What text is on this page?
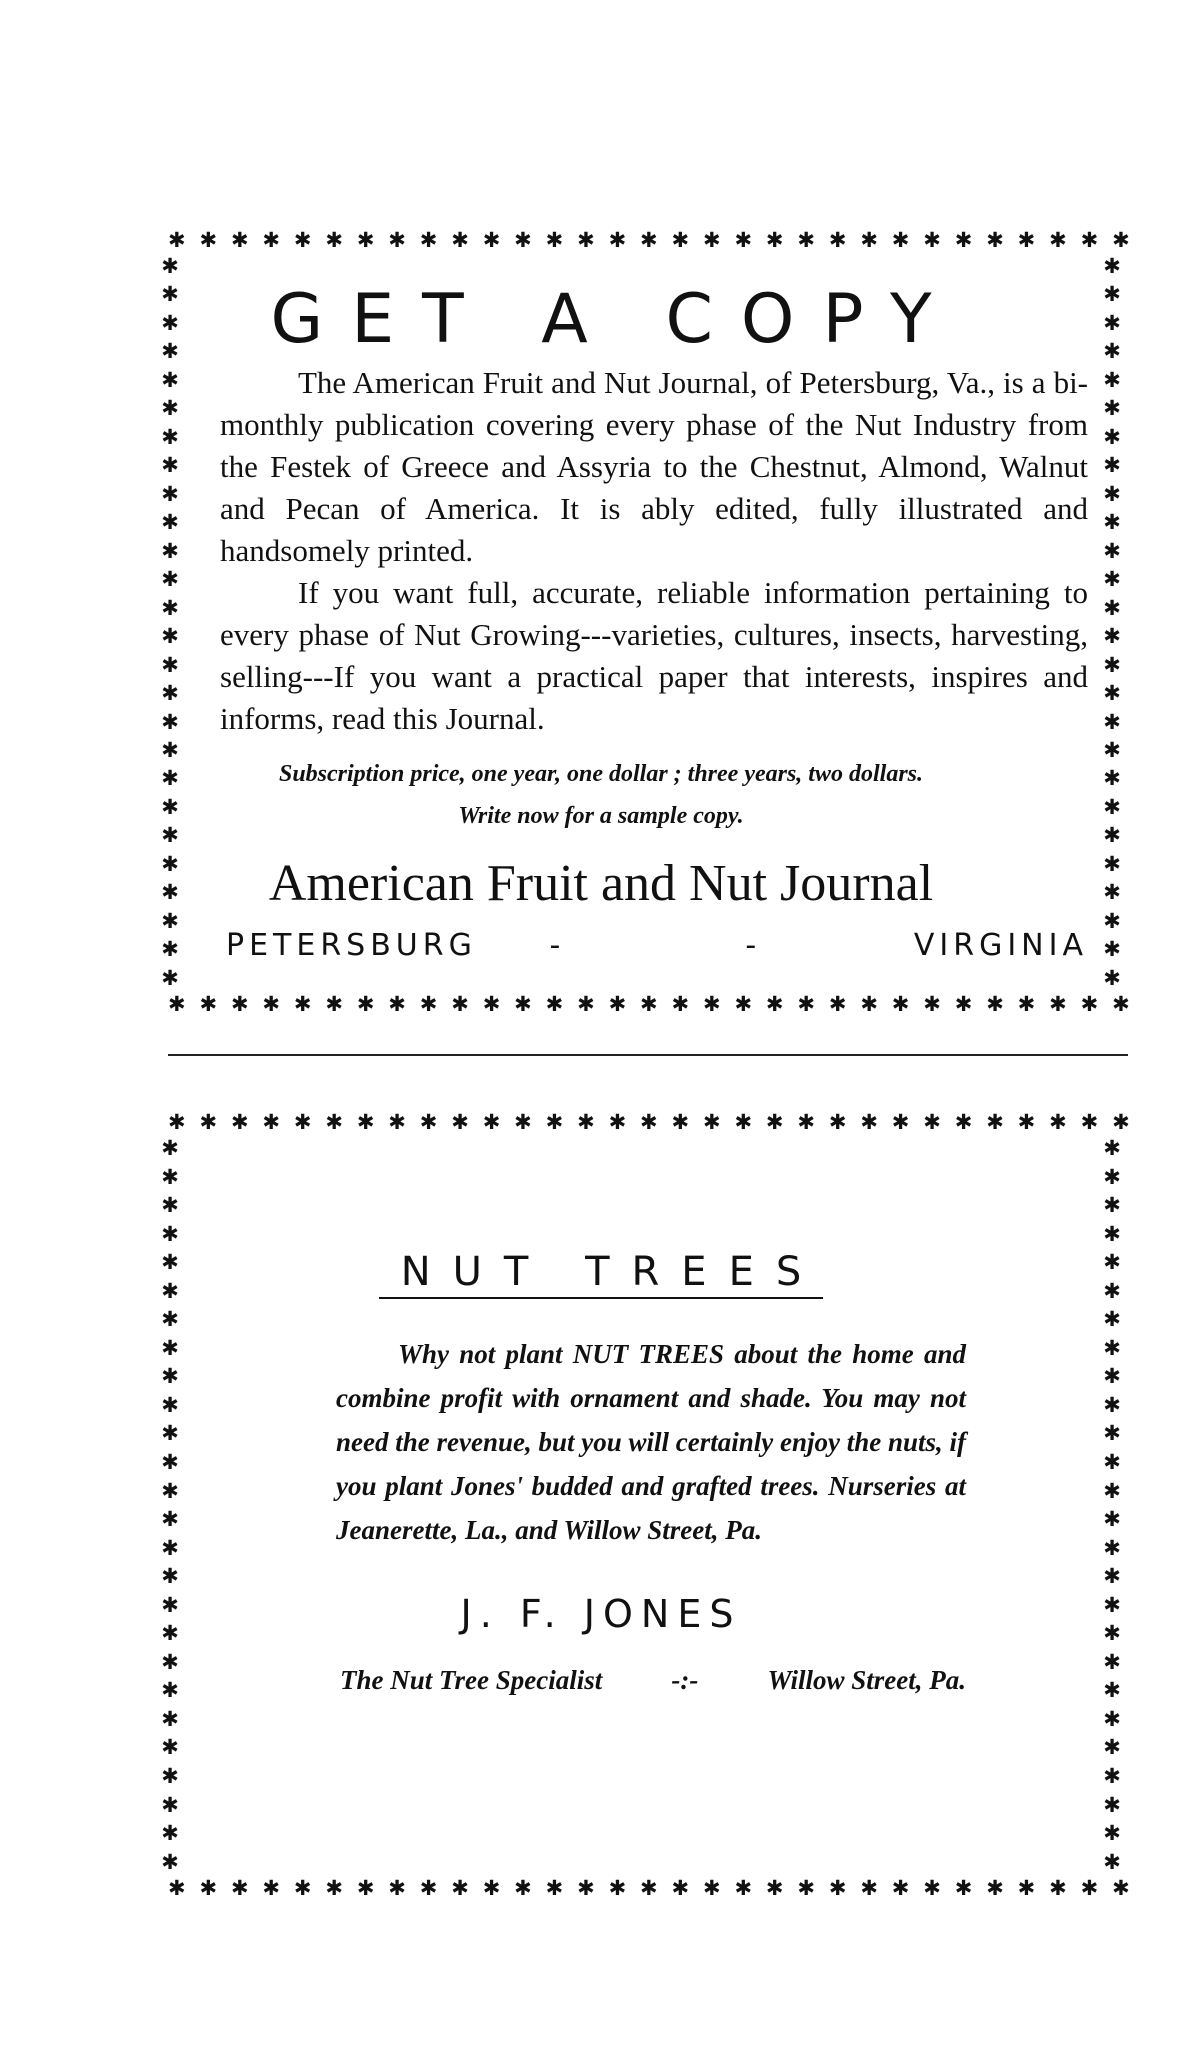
✱ ✱ ✱ ✱ ✱ ✱ ✱ ✱ ✱ ✱ ✱ ✱ ✱ ✱ ✱ ✱ ✱ ✱ ✱ ✱ ✱ ✱ ✱ ✱ ✱ ✱ ✱ ✱ ✱ ✱ ✱
✱ ✱ ✱ ✱ ✱ ✱ ✱ ✱ ✱ ✱ ✱ ✱ ✱ ✱ ✱ ✱ ✱ ✱ ✱ ✱ ✱ ✱ ✱ ✱ ✱ ✱ ✱ ✱ ✱ ✱ ✱
✱
✱
✱
✱
✱
✱
✱
✱
✱
✱
✱
✱
✱
✱
✱
✱
✱
✱
✱
✱
✱
✱
✱
✱
✱
✱
✱
✱
✱
✱
✱
✱
✱
✱
✱
✱
✱
✱
✱
✱
✱
✱
✱
✱
✱
✱
✱
✱
✱
✱
✱
✱
GET A COPY

The American Fruit and Nut Journal, of Petersburg, Va., is a bi-monthly publication covering every phase of the Nut Industry from the Festek of Greece and Assyria to the Chestnut, Almond, Walnut and Pecan of America. It is ably edited, fully illustrated and handsomely printed.

If you want full, accurate, reliable information pertaining to every phase of Nut Growing---varieties, cultures, insects, harvesting, selling---If you want a practical paper that interests, inspires and informs, read this Journal.

Subscription price, one year, one dollar ; three years, two dollars.
Write now for a sample copy.
American Fruit and Nut Journal
PETERSBURG -	-	VIRGINIA
✱ ✱ ✱ ✱ ✱ ✱ ✱ ✱ ✱ ✱ ✱ ✱ ✱ ✱ ✱ ✱ ✱ ✱ ✱ ✱ ✱ ✱ ✱ ✱ ✱ ✱ ✱ ✱ ✱ ✱ ✱
✱ ✱ ✱ ✱ ✱ ✱ ✱ ✱ ✱ ✱ ✱ ✱ ✱ ✱ ✱ ✱ ✱ ✱ ✱ ✱ ✱ ✱ ✱ ✱ ✱ ✱ ✱ ✱ ✱ ✱ ✱
✱
✱
✱
✱
✱
✱
✱
✱
✱
✱
✱
✱
✱
✱
✱
✱
✱
✱
✱
✱
✱
✱
✱
✱
✱
✱
✱
✱
✱
✱
✱
✱
✱
✱
✱
✱
✱
✱
✱
✱
✱
✱
✱
✱
✱
✱
✱
✱
✱
✱
✱
✱
NUT TREES

Why not plant NUT TREES about the home and combine profit with ornament and shade. You may not need the revenue, but you will certainly enjoy the nuts, if you plant Jones' budded and grafted trees. Nurseries at Jeanerette, La., and Willow Street, Pa.

J. F. JONES
The Nut Tree Specialist	-:-	Willow Street, Pa.
